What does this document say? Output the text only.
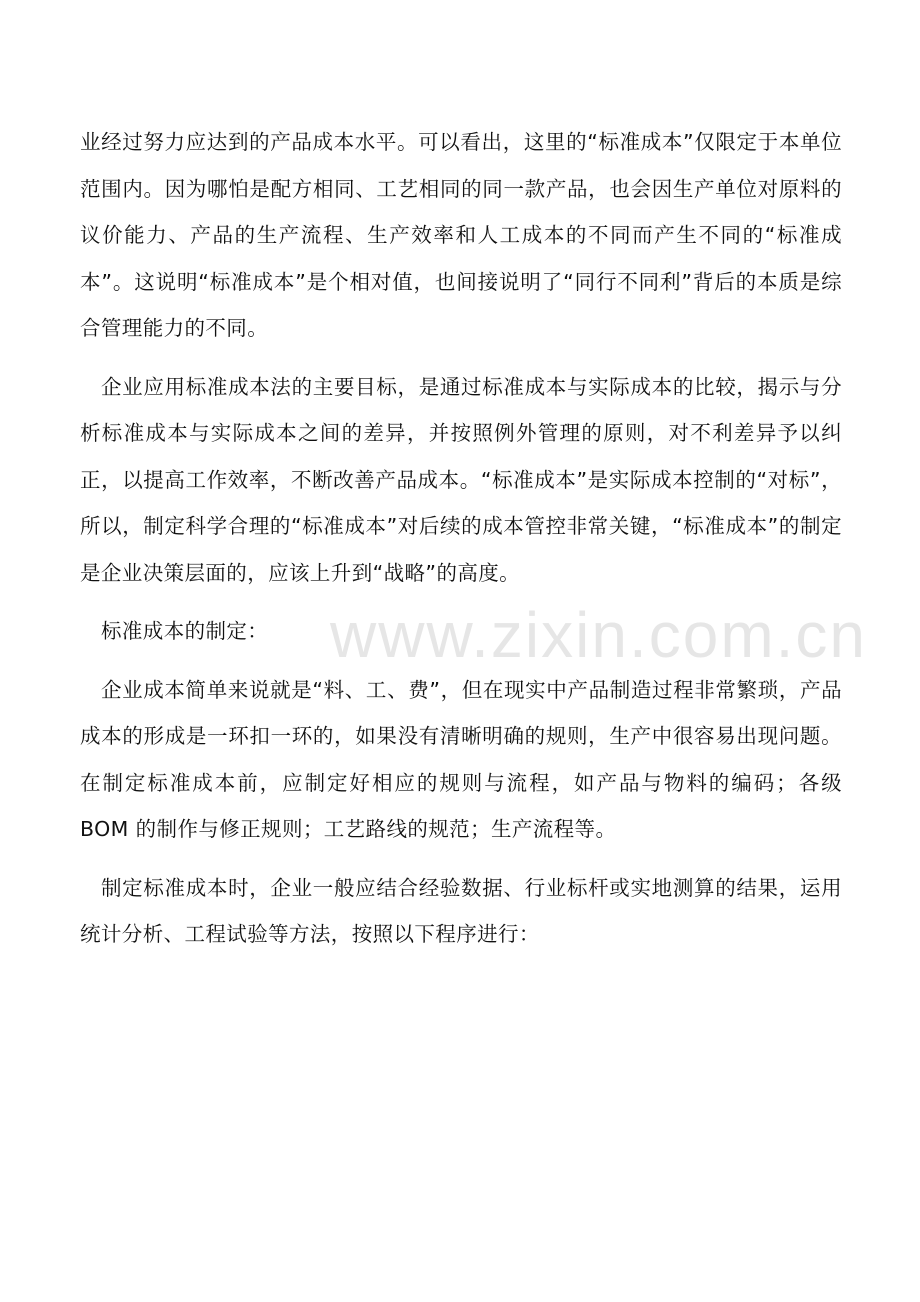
www.zixin.com.cn

业经过努力应达到的产品成本水平。可以看出，这里的“标准成本”仅限定于本单位范围内。因为哪怕是配方相同、工艺相同的同一款产品，也会因生产单位对原料的议价能力、产品的生产流程、生产效率和人工成本的不同而产生不同的“标准成本”。这说明“标准成本”是个相对值，也间接说明了“同行不同利”背后的本质是综合管理能力的不同。

企业应用标准成本法的主要目标，是通过标准成本与实际成本的比较，揭示与分析标准成本与实际成本之间的差异，并按照例外管理的原则，对不利差异予以纠正，以提高工作效率，不断改善产品成本。“标准成本”是实际成本控制的“对标”，所以，制定科学合理的“标准成本”对后续的成本管控非常关键，“标准成本”的制定是企业决策层面的，应该上升到“战略”的高度。

标准成本的制定：

企业成本简单来说就是“料、工、费”，但在现实中产品制造过程非常繁琐，产品成本的形成是一环扣一环的，如果没有清晰明确的规则，生产中很容易出现问题。在制定标准成本前，应制定好相应的规则与流程，如产品与物料的编码；各级 BOM 的制作与修正规则；工艺路线的规范；生产流程等。

制定标准成本时，企业一般应结合经验数据、行业标杆或实地测算的结果，运用统计分析、工程试验等方法，按照以下程序进行：
